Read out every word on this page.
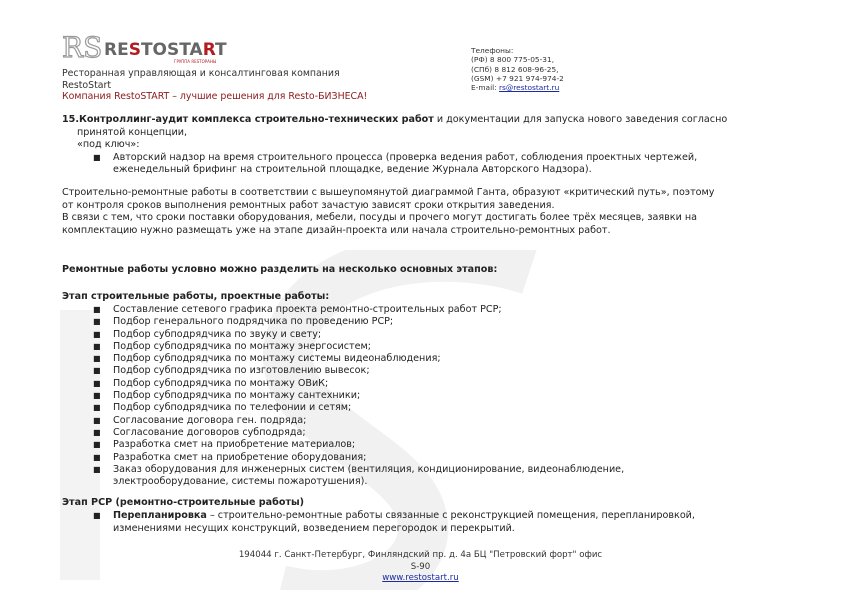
RS RESTOSTART
ГРУППА RESTOРАНЫ
Ресторанная управляющая и консалтинговая компания
RestoStart
Компания RestoSTART – лучшие решения для Resto-БИЗНЕСА!
Телефоны:
(РФ) 8 800 775-05-31,
(СПб) 8 812 608-96-25,
(GSM) +7 921 974-974-2
E-mail: rs@restostart.ru
15.Контроллинг-аудит комплекса строительно-технических работ и документации для запуска нового заведения согласно
принятой концепции,
«под ключ»:
■ Авторский надзор на время строительного процесса (проверка ведения работ, соблюдения проектных чертежей,
еженедельный брифинг на строительной площадке, ведение Журнала Авторского Надзора).
Строительно-ремонтные работы в соответствии с вышеупомянутой диаграммой Ганта, образуют «критический путь», поэтому
от контроля сроков выполнения ремонтных работ зачастую зависят сроки открытия заведения.
В связи с тем, что сроки поставки оборудования, мебели, посуды и прочего могут достигать более трёх месяцев, заявки на
комплектацию нужно размещать уже на этапе дизайн-проекта или начала строительно-ремонтных работ.
Ремонтные работы условно можно разделить на несколько основных этапов:
Этап строительные работы, проектные работы:
■ Составление сетевого графика проекта ремонтно-строительных работ РСР;
■ Подбор генерального подрядчика по проведению РСР;
■ Подбор субподрядчика по звуку и свету;
■ Подбор субподрядчика по монтажу энергосистем;
■ Подбор субподрядчика по монтажу системы видеонаблюдения;
■ Подбор субподрядчика по изготовлению вывесок;
■ Подбор субподрядчика по монтажу ОВиК;
■ Подбор субподрядчика по монтажу сантехники;
■ Подбор субподрядчика по телефонии и сетям;
■ Согласование договора ген. подряда;
■ Согласование договоров субподряда;
■ Разработка смет на приобретение материалов;
■ Разработка смет на приобретение оборудования;
■ Заказ оборудования для инженерных систем (вентиляция, кондиционирование, видеонаблюдение,
электрооборудование, системы пожаротушения).
Этап РСР (ремонтно-строительные работы)
■ Перепланировка – строительно-ремонтные работы связанные с реконструкцией помещения, перепланировкой,
изменениями несущих конструкций, возведением перегородок и перекрытий.
194044 г. Санкт-Петербург, Финляндский пр. д. 4а БЦ "Петровский форт" офис
S-90
www.restostart.ru
